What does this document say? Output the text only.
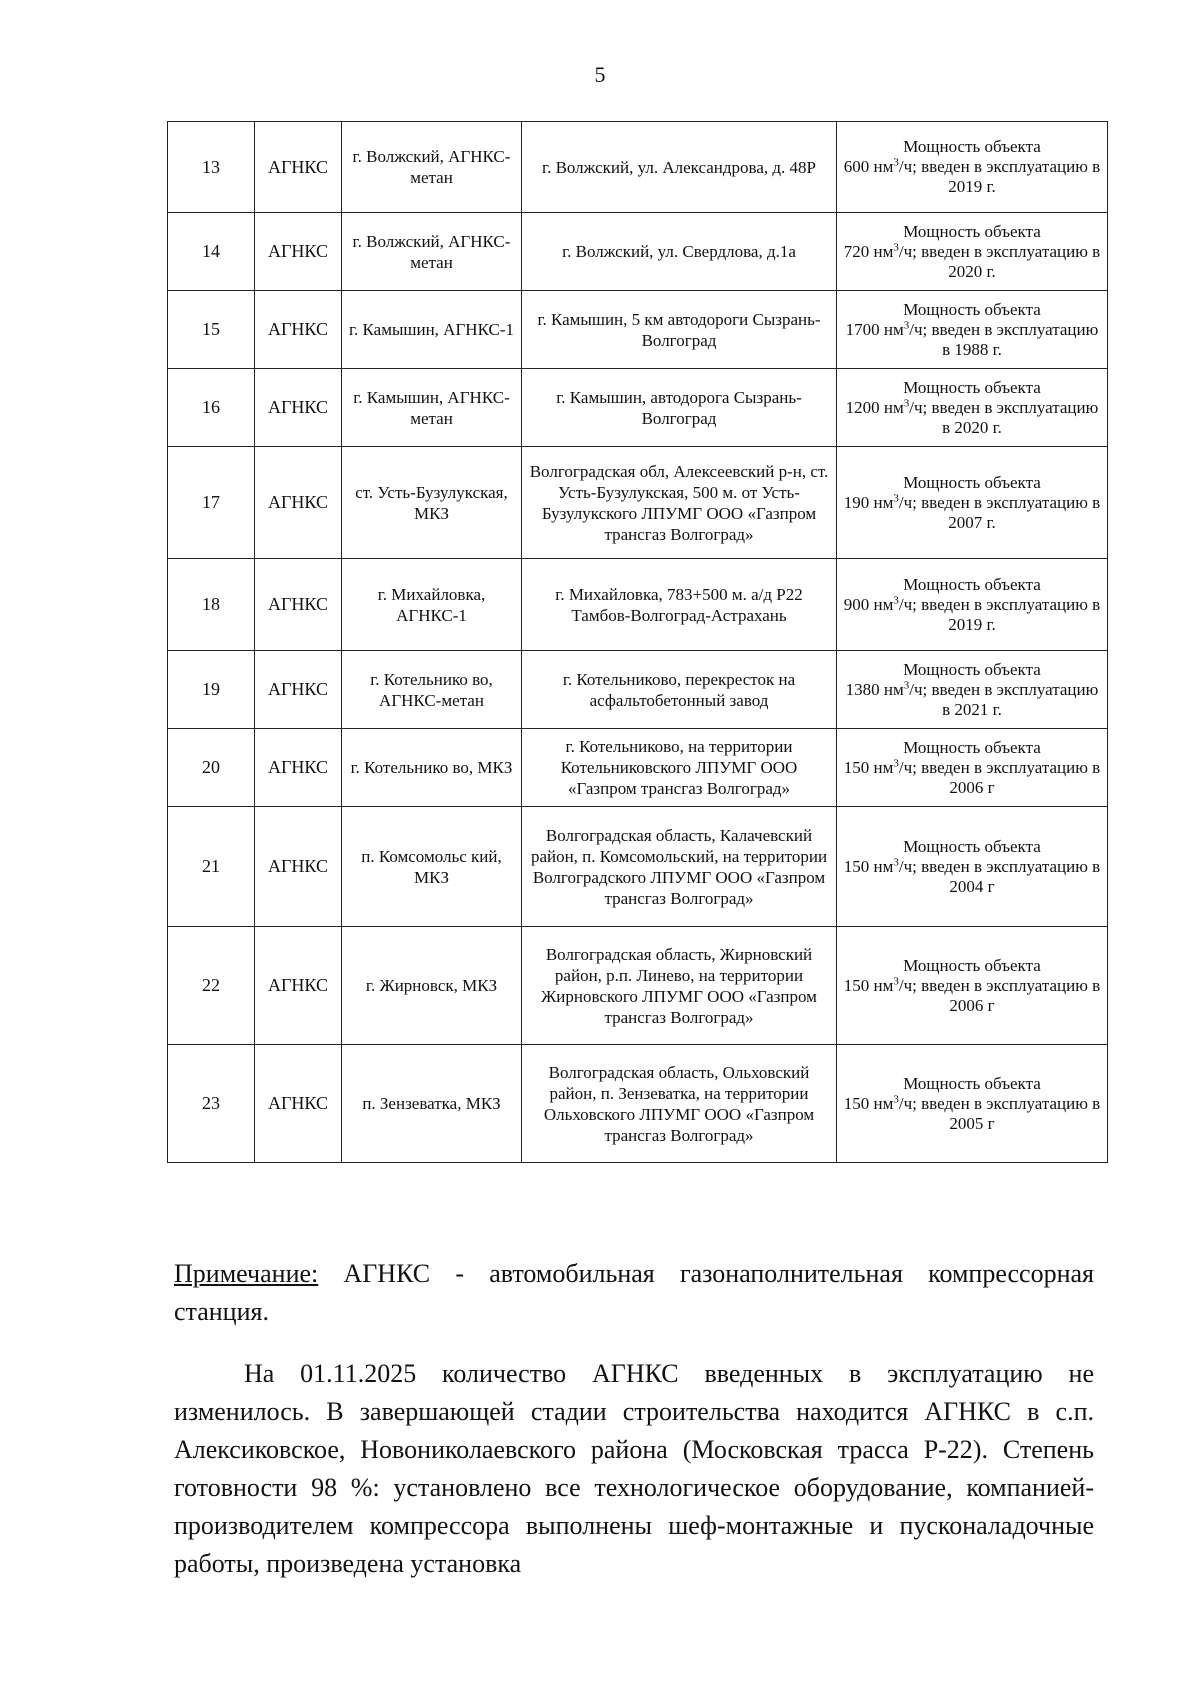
5
13	АГНКС	г. Волжский, АГНКС-метан	г. Волжский, ул. Александрова, д. 48Р	Мощность объекта
600 $нм^3/ч$; введен в эксплуатацию в 2019 г.
14	АГНКС	г. Волжский, АГНКС-метан	г. Волжский, ул. Свердлова, д.1а	Мощность объекта
720 $нм^3/ч$; введен в эксплуатацию в 2020 г.
15	АГНКС	г. Камышин, АГНКС-1	г. Камышин, 5 км автодороги Сызрань-Волгоград	Мощность объекта
1700 $нм^3/ч$; введен в эксплуатацию в 1988 г.
16	АГНКС	г. Камышин, АГНКС-метан	г. Камышин, автодорога Сызрань-Волгоград	Мощность объекта
1200 $нм^3/ч$; введен в эксплуатацию в 2020 г.
17	АГНКС	ст. Усть-Бузулукская, МКЗ	Волгоградская обл, Алексеевский р-н, ст. Усть-Бузулукская, 500 м. от Усть-Бузулукского ЛПУМГ ООО «Газпром трансгаз Волгоград»	Мощность объекта
190 $нм^3/ч$; введен в эксплуатацию в 2007 г.
18	АГНКС	г. Михайловка, АГНКС-1	г. Михайловка, 783+500 м. а/д Р22 Тамбов-Волгоград-Астрахань	Мощность объекта
900 $нм^3/ч$; введен в эксплуатацию в 2019 г.
19	АГНКС	г. Котельнико во, АГНКС-метан	г. Котельниково, перекресток на асфальтобетонный завод	Мощность объекта
1380 $нм^3/ч$; введен в эксплуатацию в 2021 г.
20	АГНКС	г. Котельнико во, МКЗ	г. Котельниково, на территории Котельниковского ЛПУМГ ООО «Газпром трансгаз Волгоград»	Мощность объекта
150 $нм^3/ч$; введен в эксплуатацию в 2006 г
21	АГНКС	п. Комсомольс кий, МКЗ	Волгоградская область, Калачевский район, п. Комсомольский, на территории Волгоградского ЛПУМГ ООО «Газпром трансгаз Волгоград»	Мощность объекта
150 $нм^3/ч$; введен в эксплуатацию в 2004 г
22	АГНКС	г. Жирновск, МКЗ	Волгоградская область, Жирновский район, р.п. Линево, на территории Жирновского ЛПУМГ ООО «Газпром трансгаз Волгоград»	Мощность объекта
150 $нм^3/ч$; введен в эксплуатацию в 2006 г
23	АГНКС	п. Зензеватка, МКЗ	Волгоградская область, Ольховский район, п. Зензеватка, на территории Ольховского ЛПУМГ ООО «Газпром трансгаз Волгоград»	Мощность объекта
150 $нм^3/ч$; введен в эксплуатацию в 2005 г
Примечание: АГНКС - автомобильная газонаполнительная компрессорная станция.

На 01.11.2025 количество АГНКС введенных в эксплуатацию не изменилось. В завершающей стадии строительства находится АГНКС в с.п. Алексиковское, Новониколаевского района (Московская трасса Р-22). Степень готовности 98 %: установлено все технологическое оборудование, компанией-производителем компрессора выполнены шеф-монтажные и пусконаладочные работы, произведена установка
